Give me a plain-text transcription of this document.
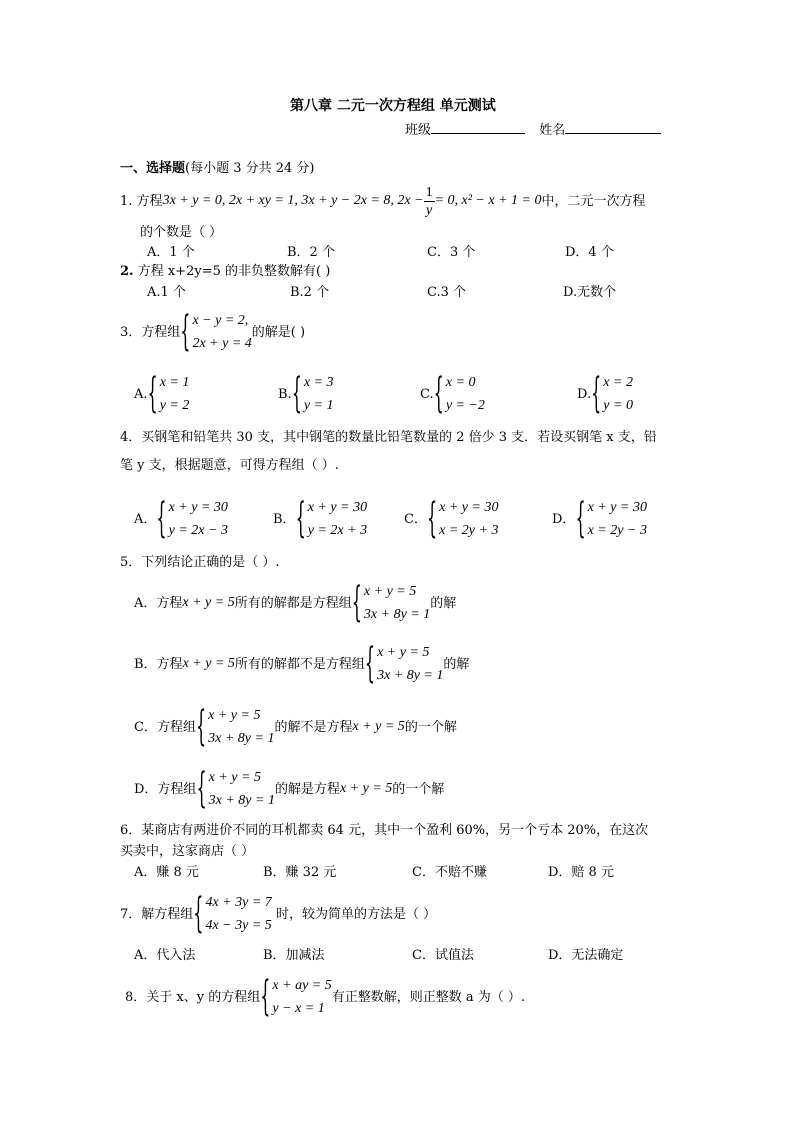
第八章 二元一次方程组 单元测试
班级	姓名
一、选择题(每小题 3 分共 24 分)
1.
方程 3x + y = 0, 2x + xy = 1, 3x + y − 2x = 8, $2x - \frac{1}{y} = 0$, x² − x + 1 = 0 中，二元一次方程
的个数是（ ）
A．1 个	B．2 个	C．3 个	D．4 个
2. 方程 x+2y=5 的非负整数解有( )
A.1 个	B.2 个	C.3 个	D.无数个
3．方程组 { x − y = 2,
2x + y = 4
的解是( )
A. { x = 1
y = 2
B. { x = 3
y = 1
C. { x = 0
y = −2
D. { x = 2
y = 0
4．买钢笔和铅笔共 30 支，其中钢笔的数量比铅笔数量的 2 倍少 3 支．若设买钢笔 x 支，铅
笔 y 支，根据题意，可得方程组（ ）.
A． { x + y = 30
y = 2x − 3
B． { x + y = 30
y = 2x + 3
C． { x + y = 30
x = 2y + 3
D． { x + y = 30
x = 2y − 3
5．下列结论正确的是（ ）.
A．方程 x + y = 5 所有的解都是方程组 { x + y = 5
3x + 8y = 1
的解
B．方程 x + y = 5 所有的解都不是方程组 { x + y = 5
3x + 8y = 1
的解
C．方程组 { x + y = 5
3x + 8y = 1
的解不是方程 x + y = 5 的一个解
D．方程组 { x + y = 5
3x + 8y = 1
的解是方程 x + y = 5 的一个解
6．某商店有两进价不同的耳机都卖 64 元，其中一个盈利 60%，另一个亏本 20%，在这次
买卖中，这家商店（ ）
A．赚 8 元	B．赚 32 元	C．不赔不赚	D．赔 8 元
7．解方程组 { 4x + 3y = 7
4x − 3y = 5

时，较为简单的方法是（ ）
A．代入法	B．加减法	C．试值法	D．无法确定
8．关于 x、y 的方程组 { x + ay = 5
y − x = 1
有正整数解，则正整数 a 为（ ）.
